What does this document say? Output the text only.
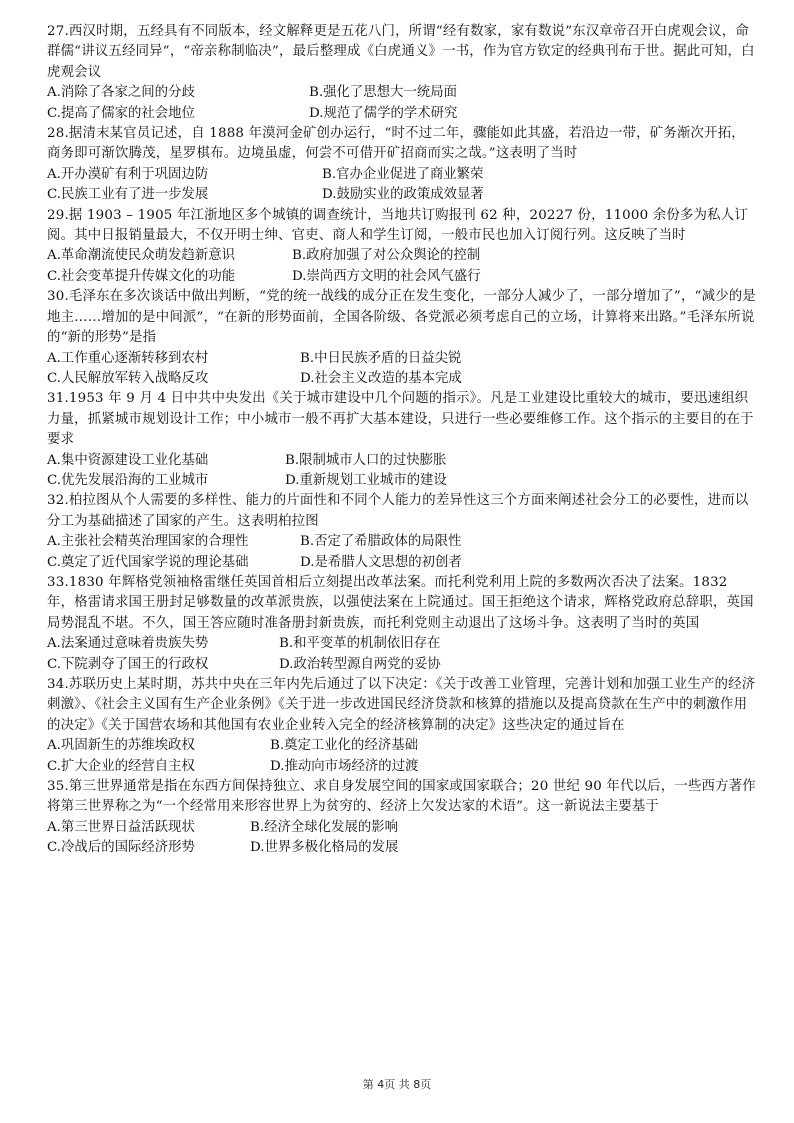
27.西汉时期，五经具有不同版本，经文解释更是五花八门，所谓“经有数家，家有数说”东汉章帝召开白虎观会议，命群儒“讲议五经同异”，“帝亲称制临决”，最后整理成《白虎通义》一书，作为官方钦定的经典刊布于世。据此可知，白虎观会议

A.消除了各家之间的分歧	B.强化了思想大一统局面
C.提高了儒家的社会地位	D.规范了儒学的学术研究

28.据清末某官员记述，自 1888 年漠河金矿创办运行，“时不过二年，骤能如此其盛，若沿边一带，矿务渐次开拓，商务即可渐饮腾茂，星罗棋布。边境虽虚，何尝不可借开矿招商而实之哉。”这表明了当时

A.开办漠矿有利于巩固边防	B.官办企业促进了商业繁荣
C.民族工业有了进一步发展	D.鼓励实业的政策成效显著

29.据 1903 – 1905 年江浙地区多个城镇的调查统计，当地共订购报刊 62 种，20227 份，11000 余份多为私人订阅。其中日报销量最大，不仅开明士绅、官吏、商人和学生订阅，一般市民也加入订阅行列。这反映了当时

A.革命潮流使民众萌发趋新意识	B.政府加强了对公众舆论的控制
C.社会变革提升传媒文化的功能	D.崇尚西方文明的社会风气盛行

30.毛泽东在多次谈话中做出判断，“党的统一战线的成分正在发生变化，一部分人减少了，一部分增加了”，“减少的是地主……增加的是中间派”，“在新的形势面前，全国各阶级、各党派必须考虑自己的立场，计算将来出路。”毛泽东所说的“新的形势”是指

A.工作重心逐渐转移到农村	B.中日民族矛盾的日益尖锐
C.人民解放军转入战略反攻	D.社会主义改造的基本完成

31.1953 年 9 月 4 日中共中央发出《关于城市建设中几个问题的指示》。凡是工业建设比重较大的城市，要迅速组织力量，抓紧城市规划设计工作；中小城市一般不再扩大基本建设，只进行一些必要维修工作。这个指示的主要目的在于要求

A.集中资源建设工业化基础	B.限制城市人口的过快膨胀
C.优先发展沿海的工业城市	D.重新规划工业城市的建设

32.柏拉图从个人需要的多样性、能力的片面性和不同个人能力的差异性这三个方面来阐述社会分工的必要性，进而以分工为基础描述了国家的产生。这表明柏拉图

A.主张社会精英治理国家的合理性	B.否定了希腊政体的局限性
C.奠定了近代国家学说的理论基础	D.是希腊人文思想的初创者

33.1830 年辉格党领袖格雷继任英国首相后立刻提出改革法案。而托利党利用上院的多数两次否决了法案。1832 年，格雷请求国王册封足够数量的改革派贵族，以强使法案在上院通过。国王拒绝这个请求，辉格党政府总辞职，英国局势混乱不堪。不久，国王答应随时准备册封新贵族，而托利党则主动退出了这场斗争。这表明了当时的英国

A.法案通过意味着贵族失势	B.和平变革的机制依旧存在
C.下院剥夺了国王的行政权	D.政治转型源自两党的妥协

34.苏联历史上某时期，苏共中央在三年内先后通过了以下决定：《关于改善工业管理，完善计划和加强工业生产的经济刺激》、《社会主义国有生产企业条例》《关于进一步改进国民经济贷款和核算的措施以及提高贷款在生产中的刺激作用的决定》《关于国营农场和其他国有农业企业转入完全的经济核算制的决定》这些决定的通过旨在

A.巩固新生的苏维埃政权	B.奠定工业化的经济基础
C.扩大企业的经营自主权	D.推动向市场经济的过渡

35.第三世界通常是指在东西方间保持独立、求自身发展空间的国家或国家联合；20 世纪 90 年代以后，一些西方著作将第三世界称之为“一个经常用来形容世界上为贫穷的、经济上欠发达家的术语”。这一新说法主要基于

A.第三世界日益活跃现状	B.经济全球化发展的影响
C.冷战后的国际经济形势	D.世界多极化格局的发展
第 4页 共 8页
